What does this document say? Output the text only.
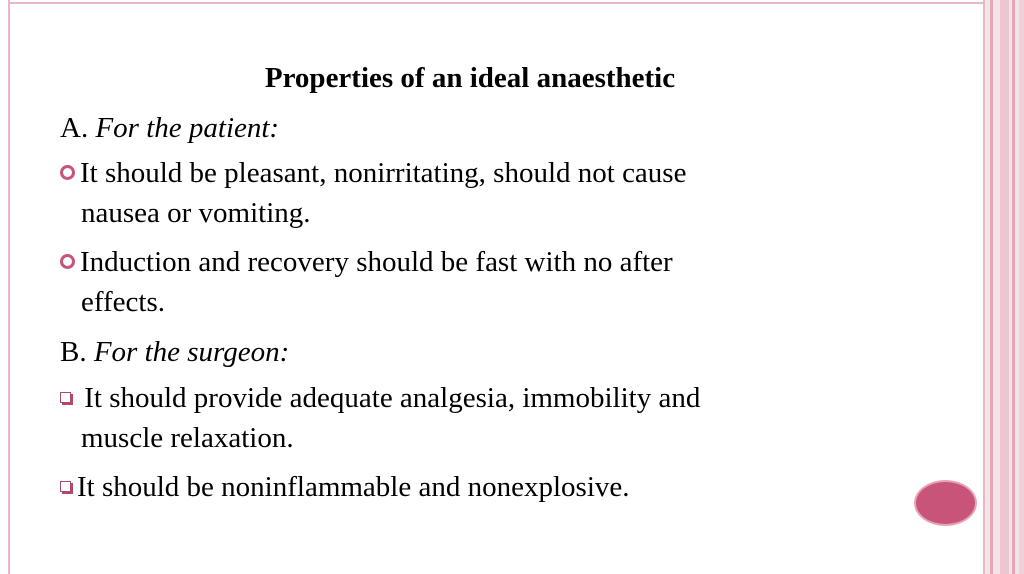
Properties of an ideal anaesthetic
A. For the patient:
It should be pleasant, nonirritating, should not cause
nausea or vomiting.
Induction and recovery should be fast with no after
effects.
B. For the surgeon:
It should provide adequate analgesia, immobility and
muscle relaxation.
It should be noninflammable and nonexplosive.
